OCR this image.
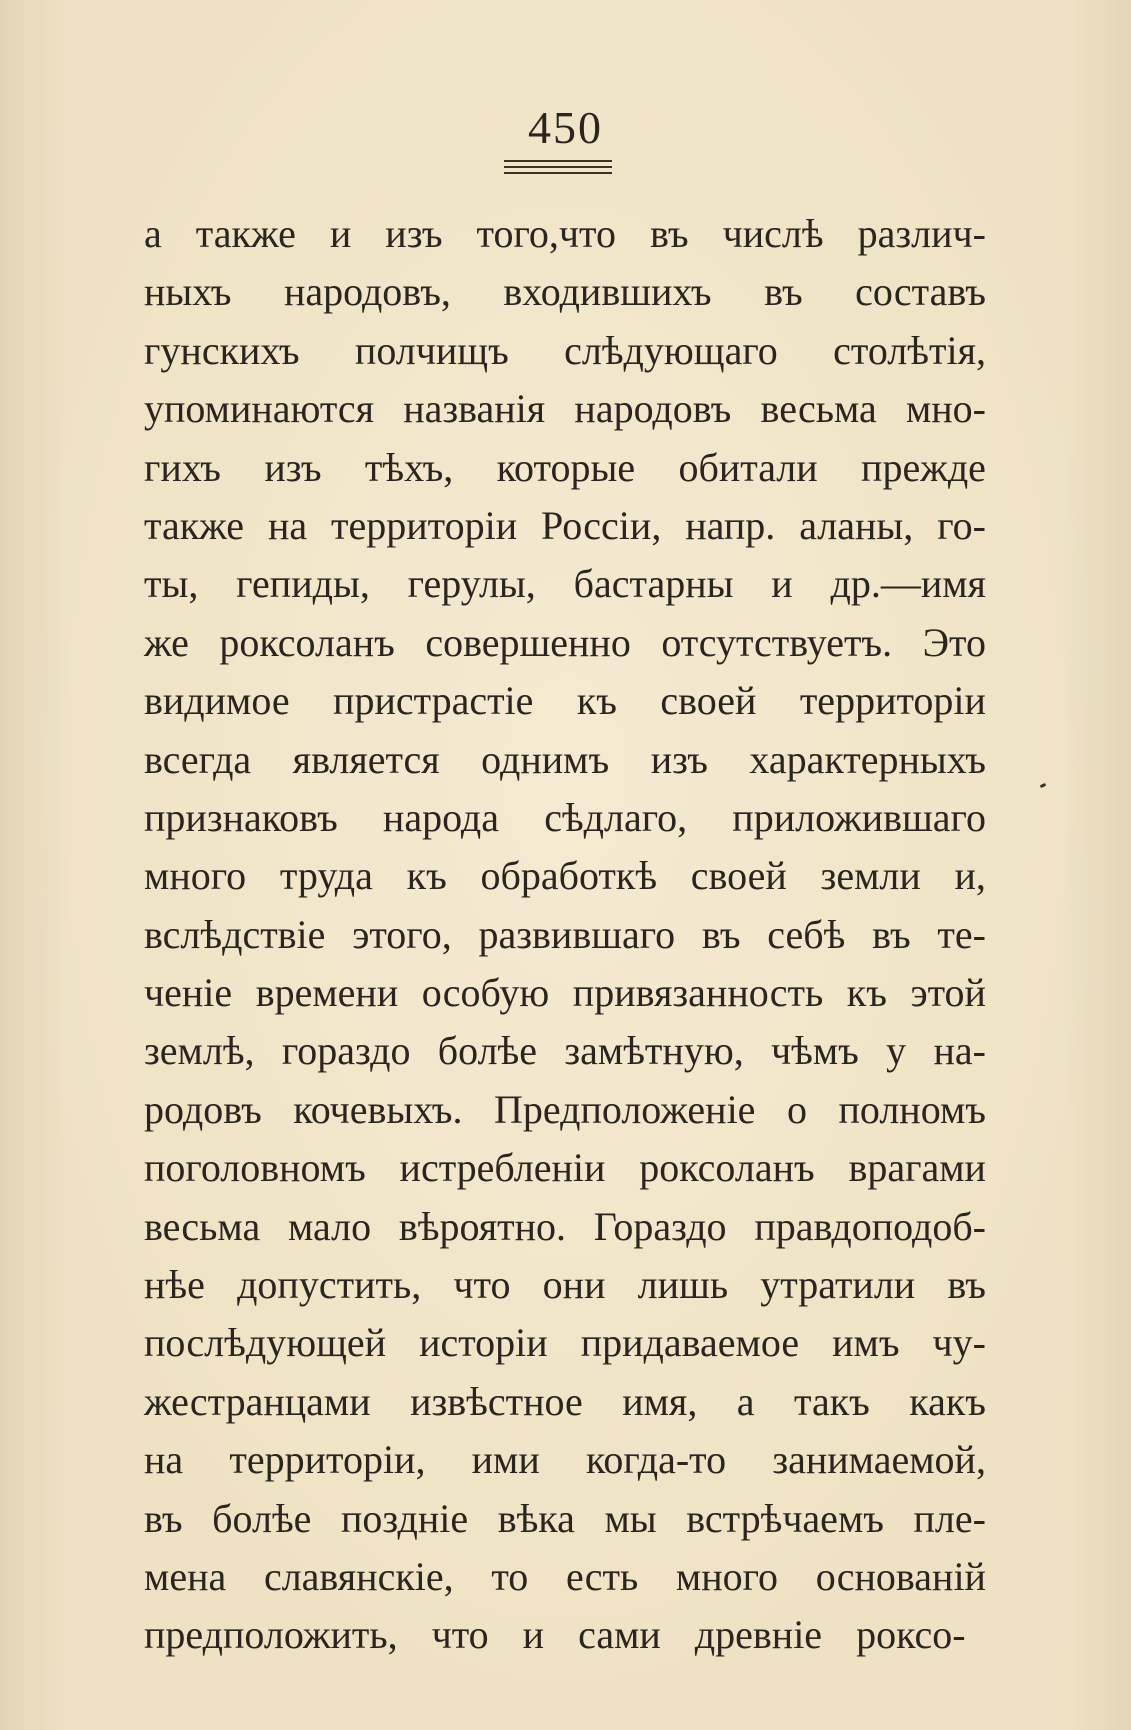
450
а также и изъ того,что въ числѣ различ-
ныхъ народовъ, входившихъ въ составъ
гунскихъ полчищъ слѣдующаго столѣтія,
упоминаются названія народовъ весьма мно-
гихъ изъ тѣхъ, которые обитали прежде
также на территоріи Россіи, напр. аланы, го-
ты, гепиды, герулы, бастарны и др.—имя
же роксоланъ совершенно отсутствуетъ. Это
видимое пристрастіе къ своей территоріи
всегда является однимъ изъ характерныхъ
признаковъ народа сѣдлаго, приложившаго
много труда къ обработкѣ своей земли и,
вслѣдствіе этого, развившаго въ себѣ въ те-
ченіе времени особую привязанность къ этой
землѣ, гораздо болѣе замѣтную, чѣмъ у на-
родовъ кочевыхъ. Предположеніе о полномъ
поголовномъ истребленіи роксоланъ врагами
весьма мало вѣроятно. Гораздо правдоподоб-
нѣе допустить, что они лишь утратили въ
послѣдующей исторіи придаваемое имъ чу-
жестранцами извѣстное имя, а такъ какъ
на территоріи, ими когда-то занимаемой,
въ болѣе поздніе вѣка мы встрѣчаемъ пле-
мена славянскіе, то есть много основаній
предположить, что и сами древніе роксо-
